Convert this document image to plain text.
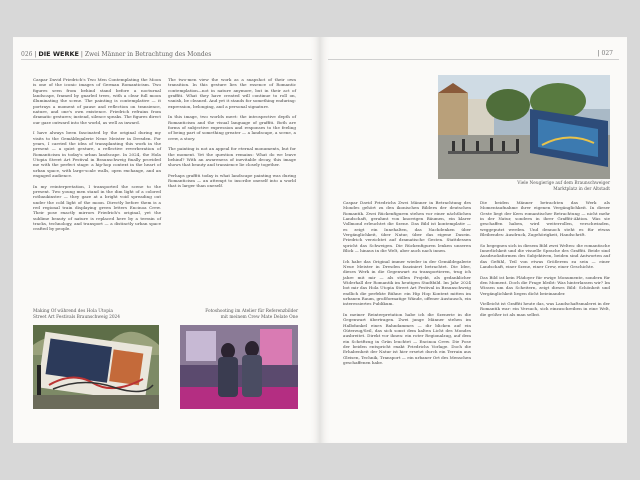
026 | DIE WERKE | Zwei Männer in Betrachtung des Mondes

Caspar David Friedrich's Two Men Contemplating the Moon is one of the iconic images of German Romanticism. Two figures seen from behind stand before a nocturnal landscape, framed by gnarled trees, with a clear full moon illuminating the scene. The painting is contemplative — it portrays a moment of pause and reflection on transience, nature, and one's own existence. Friedrich refrains from dramatic gestures; instead, silence speaks. The figures direct our gaze outward into the world, as well as inward.

I have always been fascinated by the original during my visits to the Gemäldegalerie Neue Meister in Dresden. For years, I carried the idea of transplanting this work in the present — a quiet gesture, a reflective reverberation of Romanticism in today's urban landscape. In 2024, the Hola Utopia Street Art Festival in Braunschweig finally provided me with the perfect stage: a hip-hop context in the heart of urban space, with large-scale walls, open exchange, and an engaged audience.

In my reinterpretation, I transported the scene to the present. Two young men stand in the dim light of a colored rotbaukinster — they gaze at a bright void spreading out under the cold light of the moon. Directly before them is a red regional train displaying green letters Encinoa Crew. Their pose exactly mirrors Friedrich's original, yet the sublime beauty of nature is replaced here by a terrain of tracks, technology, and transport — a distinctly urban space crafted by people.

The two-men view the work as a snapshot of their own transition. In this gesture lies the essence of Romantic contemplation—not in nature anymore, but in their act of graffiti. What they have created will continue to roll on, vanish, be cleaned. And yet it stands for something enduring: expression, belonging, and a personal signature.

In this image, two worlds meet: the introspective depth of Romanticism and the visual language of graffiti. Both are forms of subjective expression and responses to the feeling of being part of something greater — a landscape, a scene, a crew, a story.

The painting is not an appeal for eternal monuments, but for the moment. Yet the question remains: What do we leave behind? With an awareness of inevitable decay, this image shows that beauty and transience lie closely together.

Perhaps graffiti today is what landscape painting was during Romanticism — an attempt to inscribe oneself into a world that is larger than oneself.

Making Of während des Hola Utopia
Street Art Festivals Braunschweig 2024
Fotoshooting im Atelier für Referenzbilder
mit meinem Crew Mate Delate One
| 027
Viele Neugierige auf dem Braunschweiger
Marktplatz in der Altstadt

Caspar David Friedrichs Zwei Männer in Betrachtung des Mondes gehört zu den ikonischen Bildern der deutschen Romantik. Zwei Rückenfiguren stehen vor einer nächtlichen Landschaft, gerahmt von knorrigen Bäumen, ein klarer Vollmond erleuchtet die Szene. Das Bild ist kontemplativ — es zeigt ein Innehalten, das Nachdenken über Vergänglichkeit, über Natur, über das eigene Dasein. Friedrich verzichtet auf dramatische Gesten. Stattdessen spricht das Schweigen. Die Rückenfiguren lenken unseren Blick — hinaus in die Welt, aber auch nach innen.

Ich habe das Original immer wieder in der Gemäldegalerie Neue Meister in Dresden fasziniert betrachtet. Die Idee, dieses Werk in die Gegenwart zu transportieren, trug ich jahre mit mir — als stillen Projekt, als gedanklicher Widerhall der Romantik im heutigen Stadtbild. Im Jahr 2024 bot mir das Hola Utopia Street Art Festival in Braunschweig endlich die perfekte Bühne: ein Hip Hop Kontext mitten im urbanen Raum, großformatige Wände, offener Austausch, ein interessiertes Publikum.

In meiner Reinterpretation habe ich die Szenerie in die Gegenwart übertragen. Zwei junge Männer stehen im Halbdunkel eines Bahndammes — dir blicken auf ein Güterzug/Seil, das sich sonst dem kalten Licht des Mondes ausbreitet. Direkt vor ihnen: ein roter Regionalzug, auf dem ein Schriftzug in Grün leuchtet — Encinoa Crew. Die Pose der beiden entspricht exakt Friedrichs Vorlage. Doch die Erhabenheit der Natur ist hier ersetzt durch ein Terrain aus Gleisen, Technik, Transport — ein urbaner Ort des Menschen geschaffenen habe.

Die beiden Männer betrachten das Werk als Momentaufnahme ihrer eigenen Vergänglichkeit. In dieser Geste liegt der Kern romantischer Betrachtung — nicht mehr in der Natur, sondern in ihrer Graffiti-Aktion. Was sie geschaffen haben, wird weiterrollen, verschwinden, weggeputzt werden. Und dennoch steht es für etwas Bleibendes: Ausdruck, Zugehörigkeit, Handschrift.

So begegnen sich in diesem Bild zwei Welten: die romantische Innerlichkeit und die visuelle Sprache des Graffiti. Beide sind Ausdrucksformen des Subjektiven, beiden sind Antworten auf das Gefühl, Teil von etwas Größerem zu sein — einer Landschaft, einer Szene, einer Crew, einer Geschichte.

Das Bild ist kein Plädoyer für ewige Monumente, sondern für den Moment. Doch die Frage bleibt: Was hinterlassen wir? Im Wissen um das Scheitern, zeigt dieses Bild: Schönheit und Vergänglichkeit liegen dicht beieinander.

Vielleicht ist Graffiti heute das, was Landschaftsmalerei in der Romantik war: ein Versuch, sich einzuschreiben in eine Welt, die größer ist als man selbst.
